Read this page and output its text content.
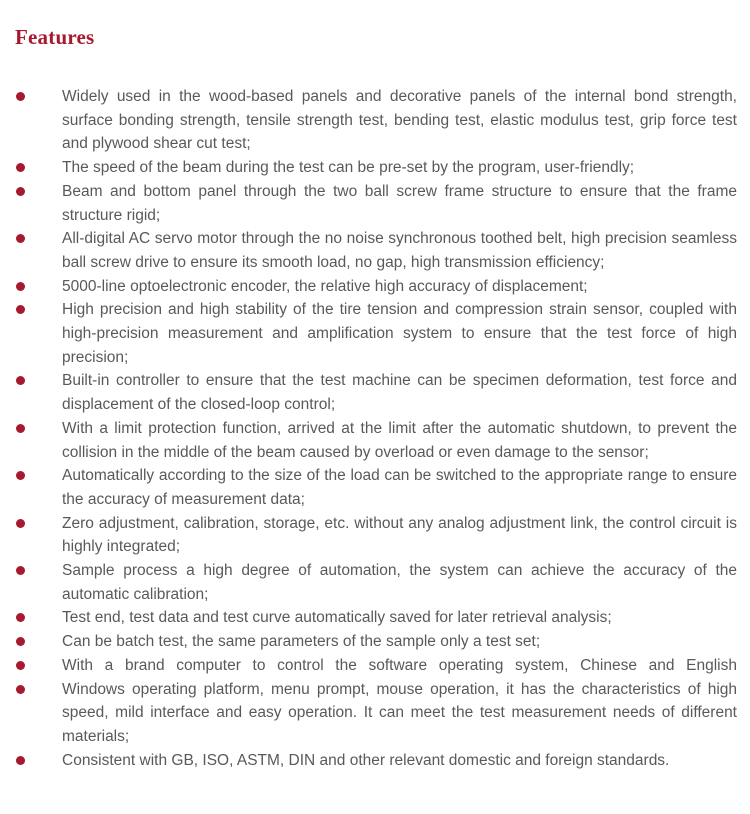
Features

Widely used in the wood-based panels and decorative panels of the internal bond strength, surface bonding strength, tensile strength test, bending test, elastic modulus test, grip force test and plywood shear cut test;

The speed of the beam during the test can be pre-set by the program, user-friendly;

Beam and bottom panel through the two ball screw frame structure to ensure that the frame structure rigid;

All-digital AC servo motor through the no noise synchronous toothed belt, high precision seamless ball screw drive to ensure its smooth load, no gap, high transmission efficiency;

5000-line optoelectronic encoder, the relative high accuracy of displacement;

High precision and high stability of the tire tension and compression strain sensor, coupled with high-precision measurement and amplification system to ensure that the test force of high precision;

Built-in controller to ensure that the test machine can be specimen deformation, test force and displacement of the closed-loop control;

With a limit protection function, arrived at the limit after the automatic shutdown, to prevent the collision in the middle of the beam caused by overload or even damage to the sensor;

Automatically according to the size of the load can be switched to the appropriate range to ensure the accuracy of measurement data;

Zero adjustment, calibration, storage, etc. without any analog adjustment link, the control circuit is highly integrated;

Sample process a high degree of automation, the system can achieve the accuracy of the automatic calibration;

Test end, test data and test curve automatically saved for later retrieval analysis;

Can be batch test, the same parameters of the sample only a test set;

With a brand computer to control the software operating system, Chinese and English

Windows operating platform, menu prompt, mouse operation, it has the characteristics of high speed, mild interface and easy operation. It can meet the test measurement needs of different materials;

Consistent with GB, ISO, ASTM, DIN and other relevant domestic and foreign standards.
